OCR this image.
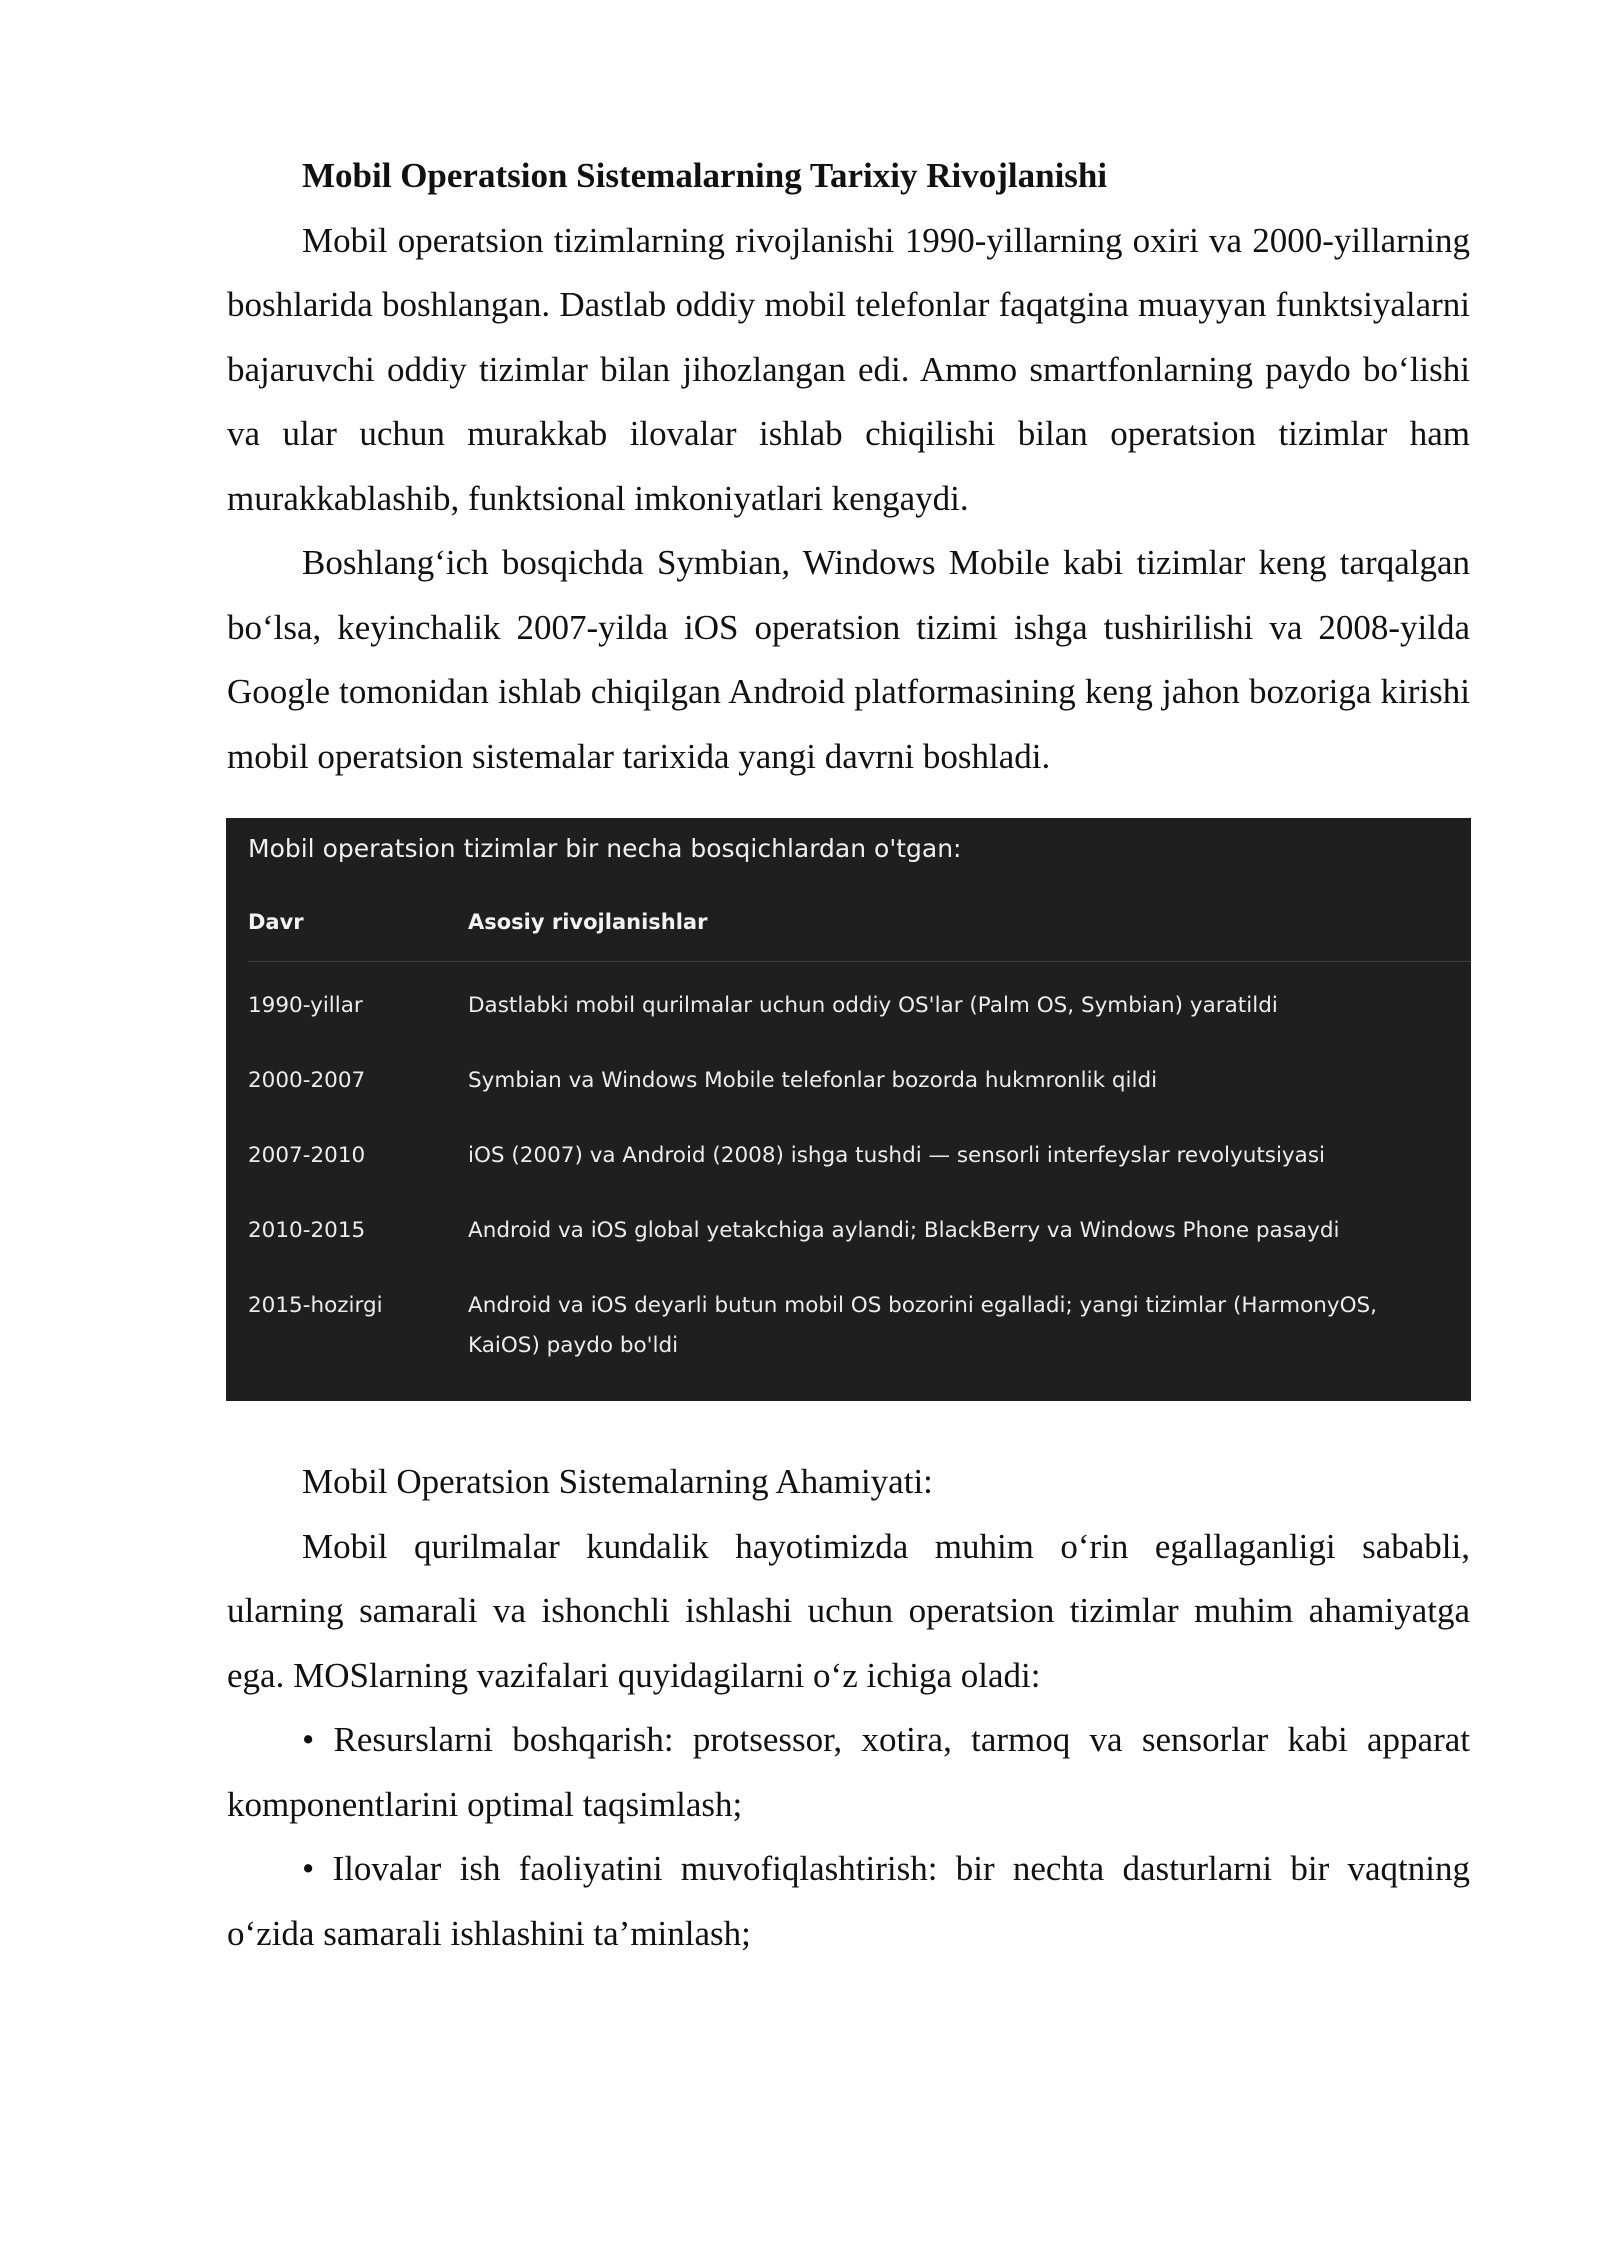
Mobil Operatsion Sistemalarning Tarixiy Rivojlanishi

Mobil operatsion tizimlarning rivojlanishi 1990-yillarning oxiri va 2000-yillarning boshlarida boshlangan. Dastlab oddiy mobil telefonlar faqatgina muayyan funktsiyalarni bajaruvchi oddiy tizimlar bilan jihozlangan edi. Ammo smartfonlarning paydo bo‘lishi va ular uchun murakkab ilovalar ishlab chiqilishi bilan operatsion tizimlar ham murakkablashib, funktsional imkoniyatlari kengaydi.

Boshlang‘ich bosqichda Symbian, Windows Mobile kabi tizimlar keng tarqalgan bo‘lsa, keyinchalik 2007-yilda iOS operatsion tizimi ishga tushirilishi va 2008-yilda Google tomonidan ishlab chiqilgan Android platformasining keng jahon bozoriga kirishi mobil operatsion sistemalar tarixida yangi davrni boshladi.

Mobil operatsion tizimlar bir necha bosqichlardan o'tgan:
Davr	Asosiy rivojlanishlar
1990-yillar	Dastlabki mobil qurilmalar uchun oddiy OS'lar (Palm OS, Symbian) yaratildi
2000-2007	Symbian va Windows Mobile telefonlar bozorda hukmronlik qildi
2007-2010	iOS (2007) va Android (2008) ishga tushdi — sensorli interfeyslar revolyutsiyasi
2010-2015	Android va iOS global yetakchiga aylandi; BlackBerry va Windows Phone pasaydi
2015-hozirgi	Android va iOS deyarli butun mobil OS bozorini egalladi; yangi tizimlar (HarmonyOS, KaiOS) paydo bo'ldi

Mobil Operatsion Sistemalarning Ahamiyati:

Mobil qurilmalar kundalik hayotimizda muhim o‘rin egallaganligi sababli, ularning samarali va ishonchli ishlashi uchun operatsion tizimlar muhim ahamiyatga ega. MOSlarning vazifalari quyidagilarni o‘z ichiga oladi:

• Resurslarni boshqarish: protsessor, xotira, tarmoq va sensorlar kabi apparat komponentlarini optimal taqsimlash;

• Ilovalar ish faoliyatini muvofiqlashtirish: bir nechta dasturlarni bir vaqtning o‘zida samarali ishlashini ta’minlash;
